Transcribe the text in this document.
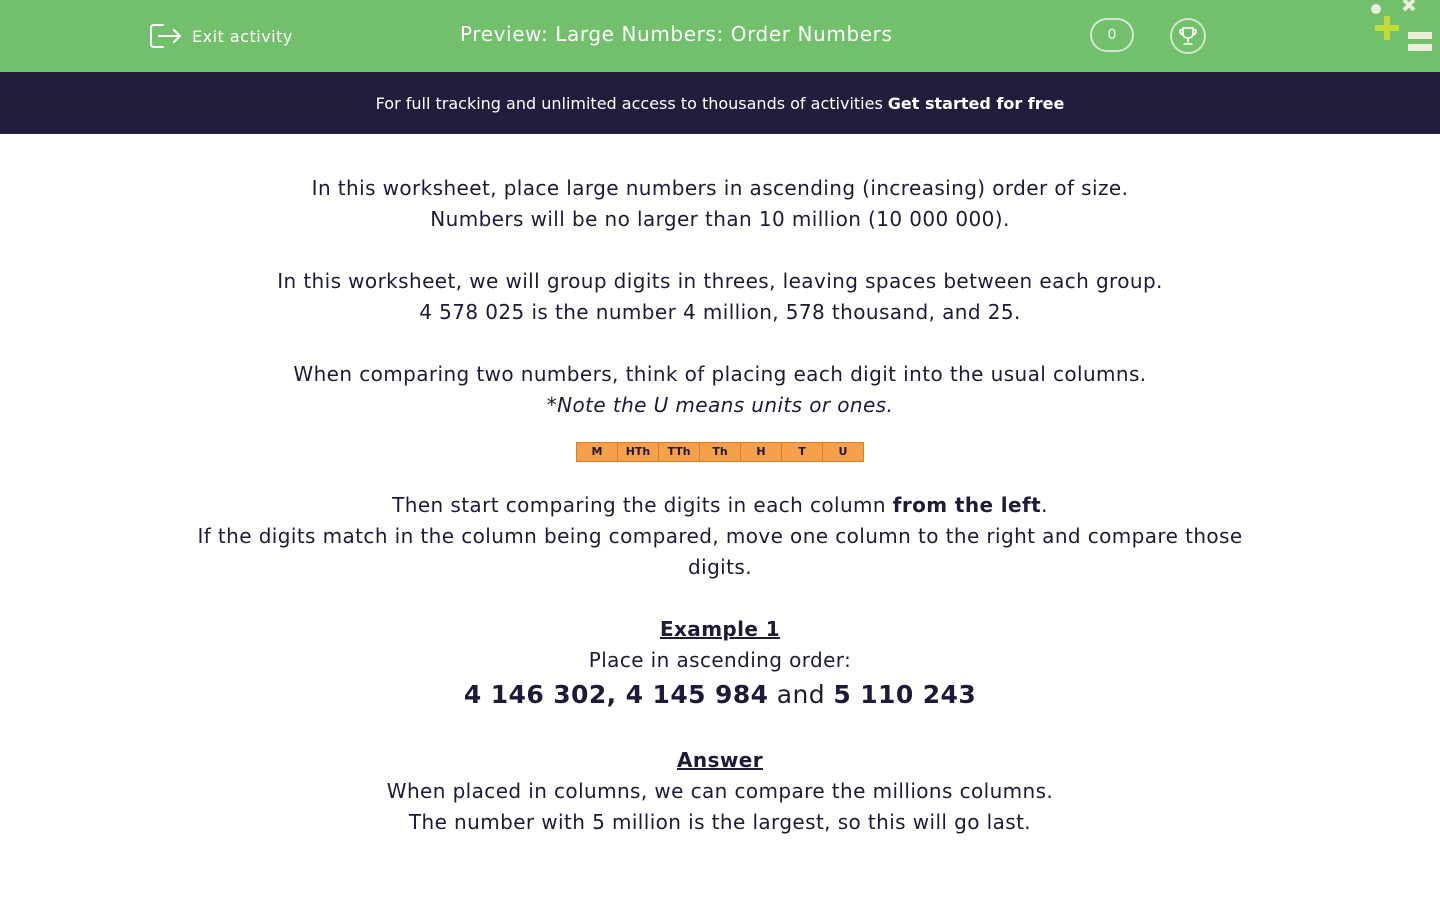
Exit activity	Preview: Large Numbers: Order Numbers	0
For full tracking and unlimited access to thousands of activities Get started for free

In this worksheet, place large numbers in ascending (increasing) order of size.

Numbers will be no larger than 10 million (10 000 000).

In this worksheet, we will group digits in threes, leaving spaces between each group.

4 578 025 is the number 4 million, 578 thousand, and 25.

When comparing two numbers, think of placing each digit into the usual columns.

*Note the U means units or ones.

M	HTh	TTh	Th	H	T	U

Then start comparing the digits in each column from the left.

If the digits match in the column being compared, move one column to the right and compare those digits.

Example 1

Place in ascending order:

4 146 302, 4 145 984 and 5 110 243

Answer

When placed in columns, we can compare the millions columns.

The number with 5 million is the largest, so this will go last.
